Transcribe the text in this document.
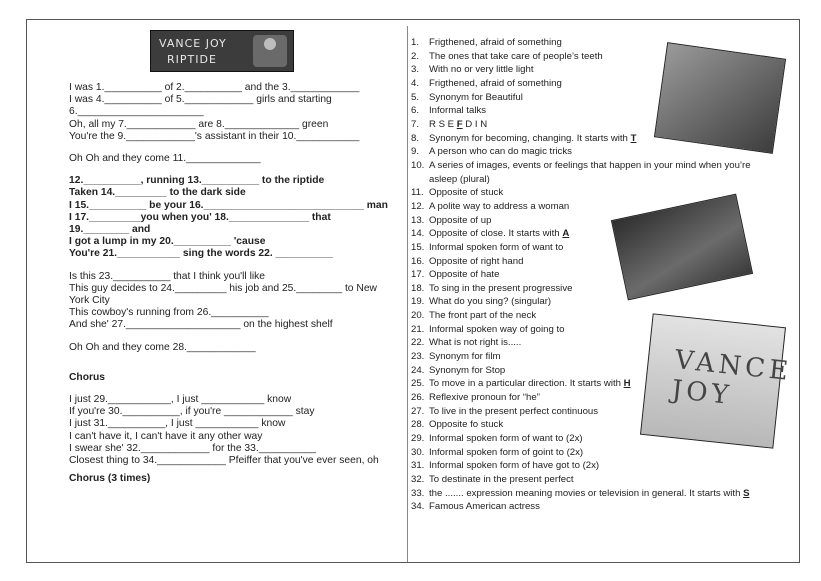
VANCE JOY
RIPTIDE
I was 1.__________ of 2.__________ and the 3.____________
I was 4.__________ of 5.____________ girls and starting
6.______________________
Oh, all my 7.____________ are 8._____________ green
You're the 9.____________'s assistant in their 10.___________
Oh Oh and they come 11._____________
12.__________, running 13.__________ to the riptide
Taken 14._________ to the dark side
I 15.__________ be your 16.____________________________ man
I 17._________you when you' 18.______________ that
19.________ and
I got a lump in my 20.__________ 'cause
You're 21.___________ sing the words 22. __________
Is this 23.__________ that I think you'll like
This guy decides to 24._________ his job and 25.________ to New
York City
This cowboy's running from 26.__________
And she' 27.____________________ on the highest shelf
Oh Oh and they come 28.____________
Chorus
I just 29.___________, I just ___________ know
If you're 30.__________, if you're ____________ stay
I just 31.__________, I just ___________ know
I can't have it, I can't have it any other way
I swear she' 32.____________ for the 33.__________
Closest thing to 34.____________ Pfeiffer that you've ever seen, oh
Chorus (3 times)
1. Frigthened, afraid of something
2. The ones that take care of people’s teeth
3. With no or very little light
4. Frigthened, afraid of something
5. Synonym for Beautiful
6. Informal talks
7. R S E F D I N
8. Synonym for becoming, changing. It starts with T
9. A person who can do magic tricks
10. A series of images, events or feelings that happen in your mind when you’re
asleep (plural)
11. Opposite of stuck
12. A polite way to address a woman
13. Opposite of up
14. Opposite of close. It starts with A
15. Informal spoken form of want to
16. Opposite of right hand
17. Opposite of hate
18. To sing in the present progressive
19. What do you sing? (singular)
20. The front part of the neck
21. Informal spoken way of going to
22. What is not right is.....
23. Synonym for film
24. Synonym for Stop
25. To move in a particular direction. It starts with H
26. Reflexive pronoun for “he”
27. To live in the present perfect continuous
28. Opposite fo stuck
29. Informal spoken form of want to (2x)
30. Informal spoken form of goint to (2x)
31. Informal spoken form of have got to (2x)
32. To destinate in the present perfect
33. the ....... expression meaning movies or television in general. It starts with S
34. Famous American actress
VANCE JOY
